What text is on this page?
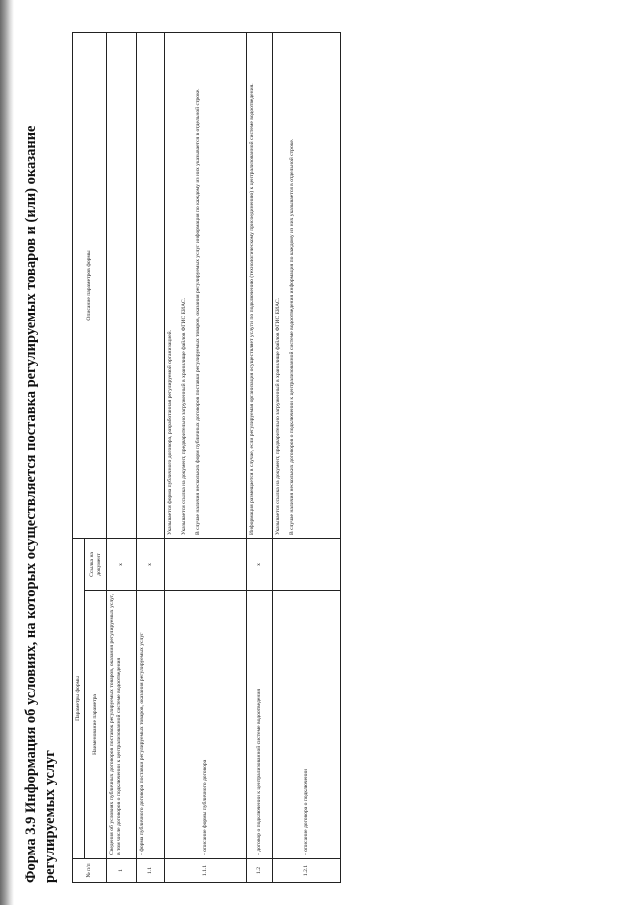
Форма 3.9 Информация об условиях, на которых осуществляется поставка регулируемых товаров и (или) оказание регулируемых услуг	№ п/п	Параметры формы		Описание параметров формы
	Наименование параметра	Ссылка на документ	
1	Сведения об условиях публичных договоров поставок регулируемых товаров, оказания регулируемых услуг, в том числе договоров о подключении к централизованной системе водоотведения	x	
1.1	- форма публичного договора поставки регулируемых товаров, оказания регулируемых услуг	x	
1.1.1	- описание формы публичного договора		Указывается форма публичного договора, разработанная регулируемой организацией. Указывается ссылка на документ, предварительно загруженный в хранилище файлов ФГИС ЕИАС. В случае наличия нескольких форм публичных договоров поставки регулируемых товаров, оказания регулируемых услуг информация по каждому из них указывается в отдельной строке.

1.2	- договор о подключении к централизованной системе водоотведения	x	Информация размещается в случае, если регулируемая организация осуществляет услуги по подключению (технологическому присоединению) к централизованной системе водоотведения.

1.2.1	- описание договора о подключении		Указывается ссылка на документ, предварительно загруженный в хранилище файлов ФГИС ЕИАС. В случае наличия нескольких договоров о подключении к централизованной системе водоотведения информация по каждому из них указывается в отдельной строке.
